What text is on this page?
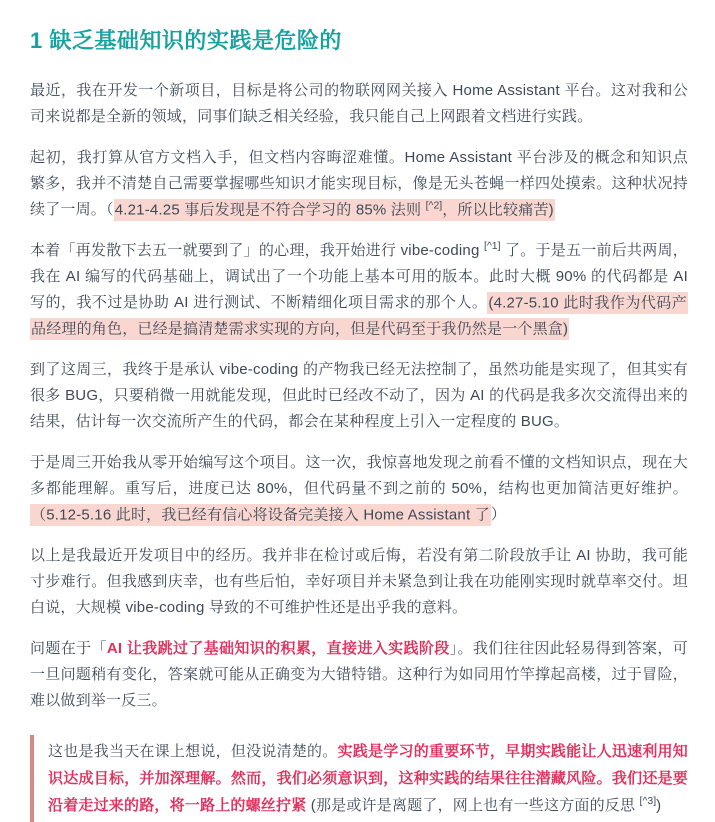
1 缺乏基础知识的实践是危险的

最近，我在开发一个新项目，目标是将公司的物联网网关接入 Home Assistant 平台。这对我和公司来说都是全新的领域，同事们缺乏相关经验，我只能自己上网跟着文档进行实践。

起初，我打算从官方文档入手，但文档内容晦涩难懂。Home Assistant 平台涉及的概念和知识点繁多，我并不清楚自己需要掌握哪些知识才能实现目标，像是无头苍蝇一样四处摸索。这种状况持续了一周。（4.21-4.25 事后发现是不符合学习的 85% 法则 [^2]，所以比较痛苦)

本着「再发散下去五一就要到了」的心理，我开始进行 vibe-coding [^1] 了。于是五一前后共两周，我在 AI 编写的代码基础上，调试出了一个功能上基本可用的版本。此时大概 90% 的代码都是 AI 写的，我不过是协助 AI 进行测试、不断精细化项目需求的那个人。(4.27-5.10 此时我作为代码产品经理的角色，已经是搞清楚需求实现的方向，但是代码至于我仍然是一个黑盒)

到了这周三，我终于是承认 vibe-coding 的产物我已经无法控制了，虽然功能是实现了，但其实有很多 BUG，只要稍微一用就能发现，但此时已经改不动了，因为 AI 的代码是我多次交流得出来的结果，估计每一次交流所产生的代码，都会在某种程度上引入一定程度的 BUG。

于是周三开始我从零开始编写这个项目。这一次，我惊喜地发现之前看不懂的文档知识点，现在大多都能理解。重写后，进度已达 80%，但代码量不到之前的 50%，结构也更加简洁更好维护。（5.12-5.16 此时，我已经有信心将设备完美接入 Home Assistant 了）

以上是我最近开发项目中的经历。我并非在检讨或后悔，若没有第二阶段放手让 AI 协助，我可能寸步难行。但我感到庆幸，也有些后怕，幸好项目并未紧急到让我在功能刚实现时就草率交付。坦白说，大规模 vibe-coding 导致的不可维护性还是出乎我的意料。

问题在于「AI 让我跳过了基础知识的积累，直接进入实践阶段」。我们往往因此轻易得到答案，可一旦问题稍有变化，答案就可能从正确变为大错特错。这种行为如同用竹竿撑起高楼，过于冒险，难以做到举一反三。

这也是我当天在课上想说，但没说清楚的。实践是学习的重要环节，早期实践能让人迅速利用知识达成目标，并加深理解。然而，我们必须意识到，这种实践的结果往往潜藏风险。我们还是要沿着走过来的路，将一路上的螺丝拧紧 (那是或许是离题了，网上也有一些这方面的反思 [^3])
